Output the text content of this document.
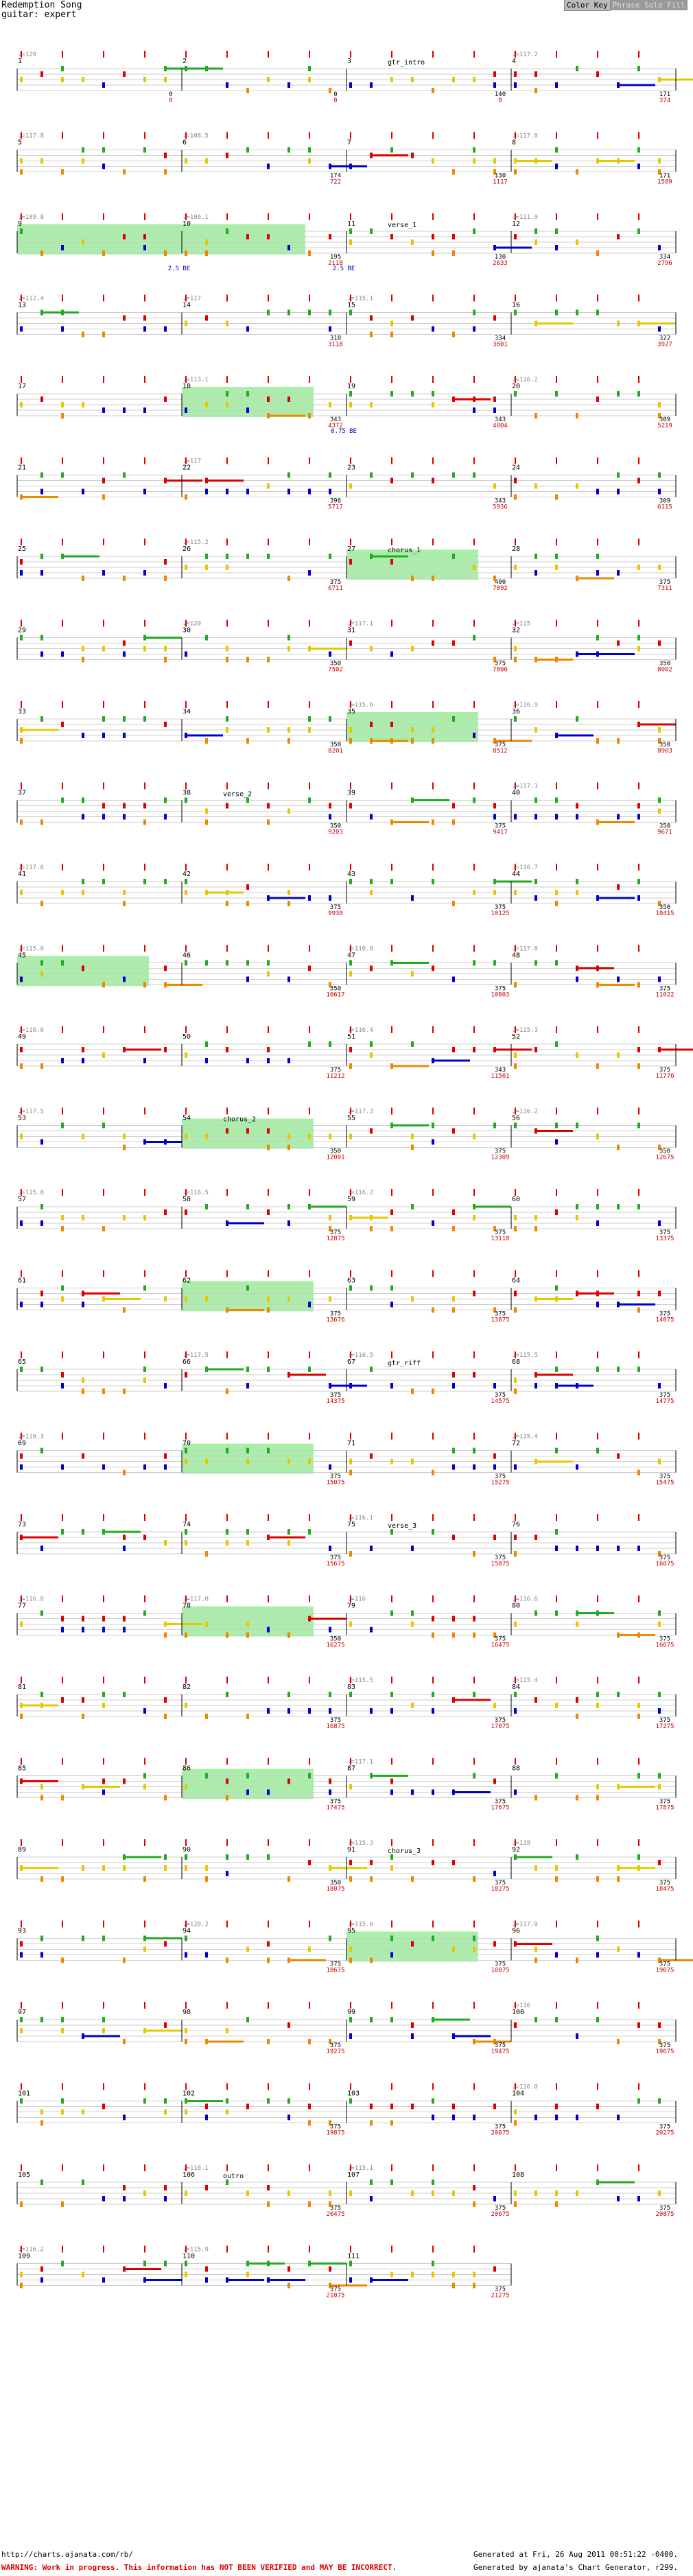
Redemption Song
guitar: expert
Color Key Phrase Solo Fill
1
♩=120
0
0
2
0
0
3
140
0
4
♩=117.2
171
374
gtr_intro
5
♩=117.8
6
♩=108.5
174
722
7
130
1117
8
♩=117.8
171
1589
9
♩=109.8
10
♩=106.1
195
2118
11
130
2633
12
♩=111.0
334
2796
verse_1
2.5 BE	2.5 BE
13
♩=112.4
14
♩=117
318
3118
15
♩=115.1
334
3601
16
322
3927
17	18
♩=113.1
343
4372
19
343
4804
20
♩=116.2
309
5219
0.75 BE
21	22
♩=117
396
5717
23
343
5936
24
309
6115
25	26
♩=115.2
375
6711
27
400
7092
28
375
7311
chorus_1
29	30
♩=120
350
7502
31
♩=117.1
375
7800
32
♩=115
350
8002
33	34
350
8201
35
♩=115.6
375
8512
36
♩=116.9
350
8903
37	38
350
9203
39
375
9417
40
♩=117.1
350
9671
verse_2
41
♩=117.6
42
375
9930
43
375
10125
44
♩=116.7
350
10415
45
♩=115.9
46
350
10617
47
♩=116.6
375
10803
48
♩=117.6
375
11022
49
♩=116.0
50
375
11212
51
♩=116.4
343
11501
52
♩=115.3
375
11776
53
♩=117.5
54
350
12001
55
♩=117.3
375
12309
56
♩=116.2
350
12675
chorus_2
57
♩=115.8
58
♩=116.5
375
12875
59
♩=116.2
375
13118
60
375
13375
61	62
375
13676
63
375
13875
64
375
14075
65	66
♩=117.5
375
14375
67
♩=116.5
375
14575
68
♩=115.5
375
14775
gtr_riff
69
♩=116.3
70
375
15075
71
375
15275
72
♩=115.4
375
15475
73	74
375
15675
75
♩=116.1
375
15875
76
375
16075
verse_3
77
♩=116.8
78
♩=117.0
350
16275
79
♩=116
375
16475
80
♩=116.6
375
16675
81	82
375
16875
83
♩=115.5
375
17075
84
♩=115.4
375
17275
85	86
375
17475
87
♩=117.1
375
17675
88
375
17875
89	90
350
18075
91
♩=115.3
375
18275
92
♩=118
375
18475
chorus_3
93	94
♩=120.2
375
18675
95
♩=115.6
375
18875
96
♩=117.0
375
19075
97	98
375
19275
99
375
19475
100
♩=116
375
19675
101	102
375
19875
103
375
20075
104
♩=116.0
375
20275
105	106
♩=116.1
375
20475
107
♩=115.1
375
20675
108
375
20875
outro
109
♩=116.2
110
♩=115.9
375
21075
111
375
21275
http://charts.ajanata.com/rb/
WARNING: Work in progress. This information has NOT BEEN VERIFIED and MAY BE INCORRECT.
Generated at Fri, 26 Aug 2011 00:51:22 -0400.
Generated by ajanata's Chart Generator, r299.
